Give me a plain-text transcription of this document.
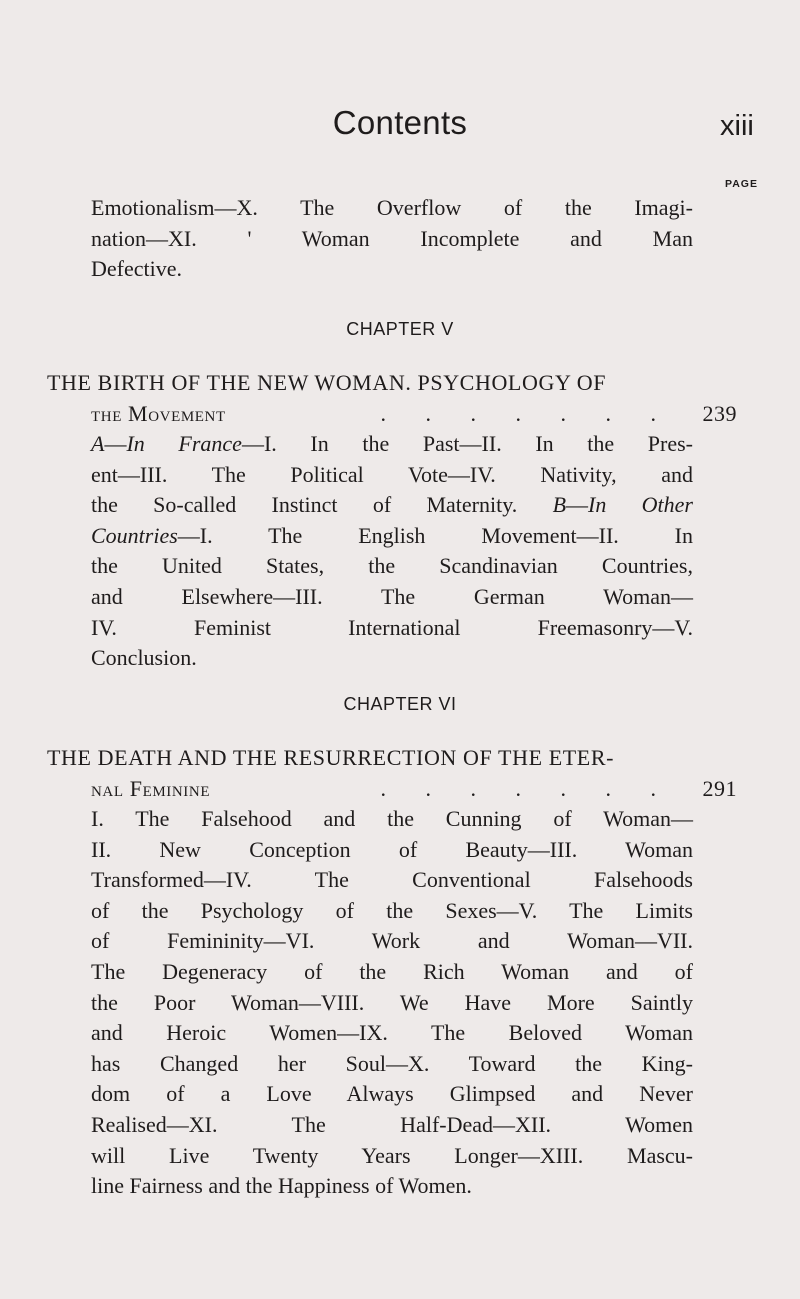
Contents	xiii
PAGE
Emotionalism—X. The Overflow of the Imagi-
nation—XI. ' Woman Incomplete and Man
Defective.
CHAPTER V
THE BIRTH OF THE NEW WOMAN. PSYCHOLOGY OF
the Movement	. . . . . . .	239
A—In France—I. In the Past—II. In the Pres-
ent—III. The Political Vote—IV. Nativity, and
the So-called Instinct of Maternity. B—In Other
Countries—I. The English Movement—II. In
the United States, the Scandinavian Countries,
and Elsewhere—III. The German Woman—
IV. Feminist International Freemasonry—V.
Conclusion.
CHAPTER VI
THE DEATH AND THE RESURRECTION OF THE ETER-
nal Feminine	. . . . . . .	291
I. The Falsehood and the Cunning of Woman—
II. New Conception of Beauty—III. Woman
Transformed—IV. The Conventional Falsehoods
of the Psychology of the Sexes—V. The Limits
of Femininity—VI. Work and Woman—VII.
The Degeneracy of the Rich Woman and of
the Poor Woman—VIII. We Have More Saintly
and Heroic Women—IX. The Beloved Woman
has Changed her Soul—X. Toward the King-
dom of a Love Always Glimpsed and Never
Realised—XI. The Half-Dead—XII. Women
will Live Twenty Years Longer—XIII. Mascu-
line Fairness and the Happiness of Women.
